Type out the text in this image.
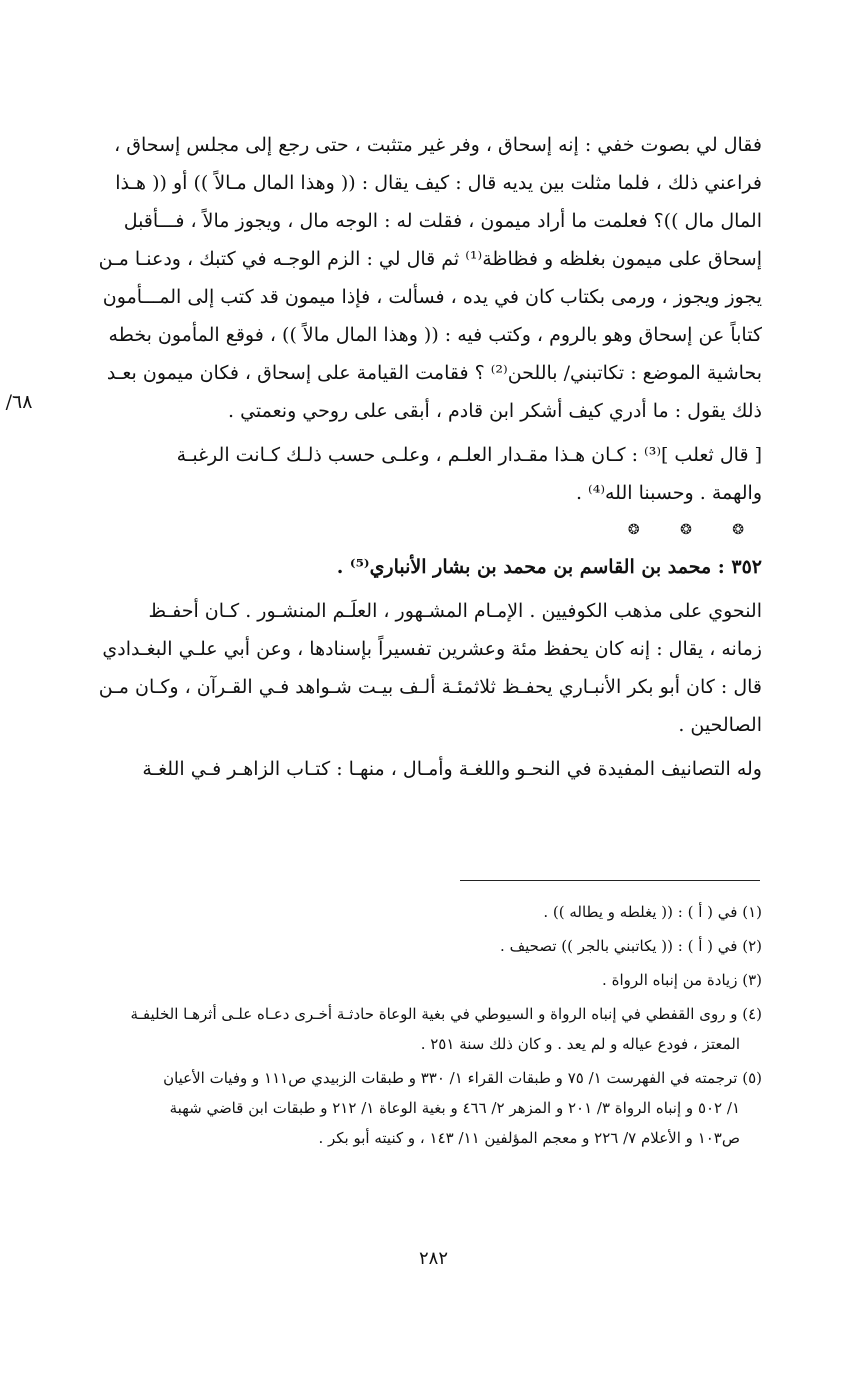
فقال لي بصوت خفي : إنه إسحاق ، وفر غير متثبت ، حتى رجع إلى مجلس إسحاق ،
فراعني ذلك ، فلما مثلت بين يديه قال : كيف يقال : (( وهذا المال مـالاً )) أو (( هـذا
المال مال ))؟ فعلمت ما أراد ميمون ، فقلت له : الوجه مال ، ويجوز مالاً ، فـــأقبل
إسحاق على ميمون بغلظه و فظاظة⁽¹⁾ ثم قال لي : الزم الوجـه في كتبك ، ودعنـا مـن
يجوز ويجوز ، ورمى بكتاب كان في يده ، فسألت ، فإذا ميمون قد كتب إلى المـــأمون
كتاباً عن إسحاق وهو بالروم ، وكتب فيه : (( وهذا المال مالاً )) ، فوقع المأمون بخطه
بحاشية الموضع : تكاتبني/ باللحن⁽²⁾ ؟ فقامت القيامة على إسحاق ، فكان ميمون بعـد
ذلك يقول : ما أدري كيف أشكر ابن قادم ، أبقى على روحي ونعمتي .
[ قال ثعلب ]⁽³⁾ : كـان هـذا مقـدار العلـم ، وعلـى حسب ذلـك كـانت الرغبـة
والهمة . وحسبنا الله⁽⁴⁾ .
❂ ❂ ❂
٣٥٢ : محمد بن القاسم بن محمد بن بشار الأنباري⁽⁵⁾ .
النحوي على مذهب الكوفيين . الإمـام المشـهور ، العلَـم المنشـور . كـان أحفـظ
زمانه ، يقال : إنه كان يحفظ مئة وعشرين تفسيراً بإسنادها ، وعن أبي علـي البغـدادي
قال : كان أبو بكر الأنبـاري يحفـظ ثلاثمئـة ألـف بيـت شـواهد فـي القـرآن ، وكـان مـن
الصالحين .
وله التصانيف المفيدة في النحـو واللغـة وأمـال ، منهـا : كتـاب الزاهـر فـي اللغـة
٦٨/
(١) في ( أ ) : (( يغلطه و يطاله )) .
(٢) في ( أ ) : (( يكاتبني بالجر )) تصحيف .
(٣) زيادة من إنباه الرواة .
(٤) و روى القفطي في إنباه الرواة و السيوطي في بغية الوعاة حادثـة أخـرى دعـاه علـى أثرهـا الخليفـة
المعتز ، فودع عياله و لم يعد . و كان ذلك سنة ٢٥١ .
(٥) ترجمته في الفهرست ١/ ٧٥ و طبقات القراء ١/ ٣٣٠ و طبقات الزبيدي ص١١١ و وفيات الأعيان
١/ ٥٠٢ و إنباه الرواة ٣/ ٢٠١ و المزهر ٢/ ٤٦٦ و بغية الوعاة ١/ ٢١٢ و طبقات ابن قاضي شهبة
ص١٠٣ و الأعلام ٧/ ٢٢٦ و معجم المؤلفين ١١/ ١٤٣ ، و كنيته أبو بكر .
٢٨٢
